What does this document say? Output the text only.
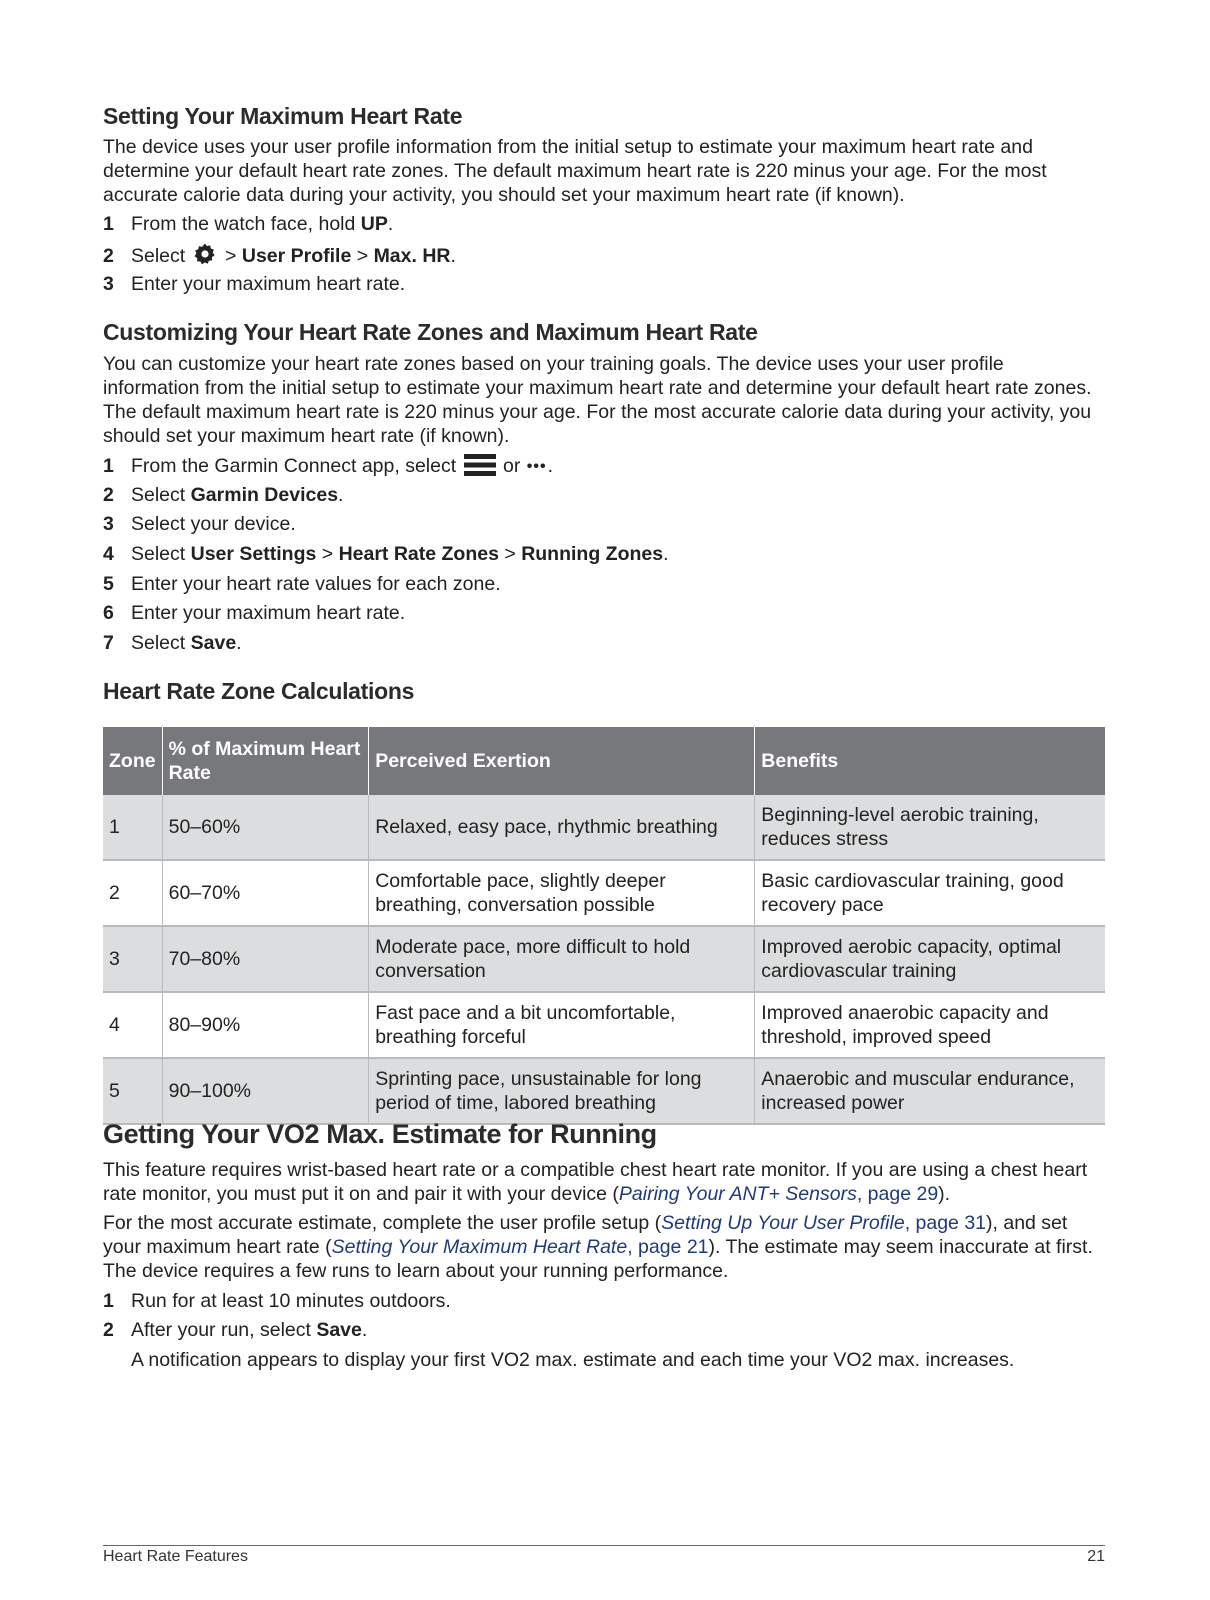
Setting Your Maximum Heart Rate

The device uses your user profile information from the initial setup to estimate your maximum heart rate and determine your default heart rate zones. The default maximum heart rate is 220 minus your age. For the most accurate calorie data during your activity, you should set your maximum heart rate (if known).

1 From the watch face, hold UP.
2 Select  > User Profile > Max. HR.
3 Enter your maximum heart rate.
Customizing Your Heart Rate Zones and Maximum Heart Rate

You can customize your heart rate zones based on your training goals. The device uses your user profile information from the initial setup to estimate your maximum heart rate and determine your default heart rate zones. The default maximum heart rate is 220 minus your age. For the most accurate calorie data during your activity, you should set your maximum heart rate (if known).

1 From the Garmin Connect app, select  or •••.
2 Select Garmin Devices.
3 Select your device.
4 Select User Settings > Heart Rate Zones > Running Zones.
5 Enter your heart rate values for each zone.
6 Enter your maximum heart rate.
7 Select Save.
Heart Rate Zone Calculations
Zone	% of Maximum Heart Rate	Perceived Exertion	Benefits
1	50–60%	Relaxed, easy pace, rhythmic breathing	Beginning-level aerobic training, reduces stress
2	60–70%	Comfortable pace, slightly deeper breathing, conversation possible	Basic cardiovascular training, good recovery pace
3	70–80%	Moderate pace, more difficult to hold conversation	Improved aerobic capacity, optimal cardiovascular training
4	80–90%	Fast pace and a bit uncomfortable, breathing forceful	Improved anaerobic capacity and threshold, improved speed
5	90–100%	Sprinting pace, unsustainable for long period of time, labored breathing	Anaerobic and muscular endurance, increased power
Getting Your VO2 Max. Estimate for Running

This feature requires wrist-based heart rate or a compatible chest heart rate monitor. If you are using a chest heart rate monitor, you must put it on and pair it with your device (Pairing Your ANT+ Sensors, page 29).

For the most accurate estimate, complete the user profile setup (Setting Up Your User Profile, page 31), and set your maximum heart rate (Setting Your Maximum Heart Rate, page 21). The estimate may seem inaccurate at first. The device requires a few runs to learn about your running performance.

1 Run for at least 10 minutes outdoors.
2 After your run, select Save.

A notification appears to display your first VO2 max. estimate and each time your VO2 max. increases.

Heart Rate Features	21
